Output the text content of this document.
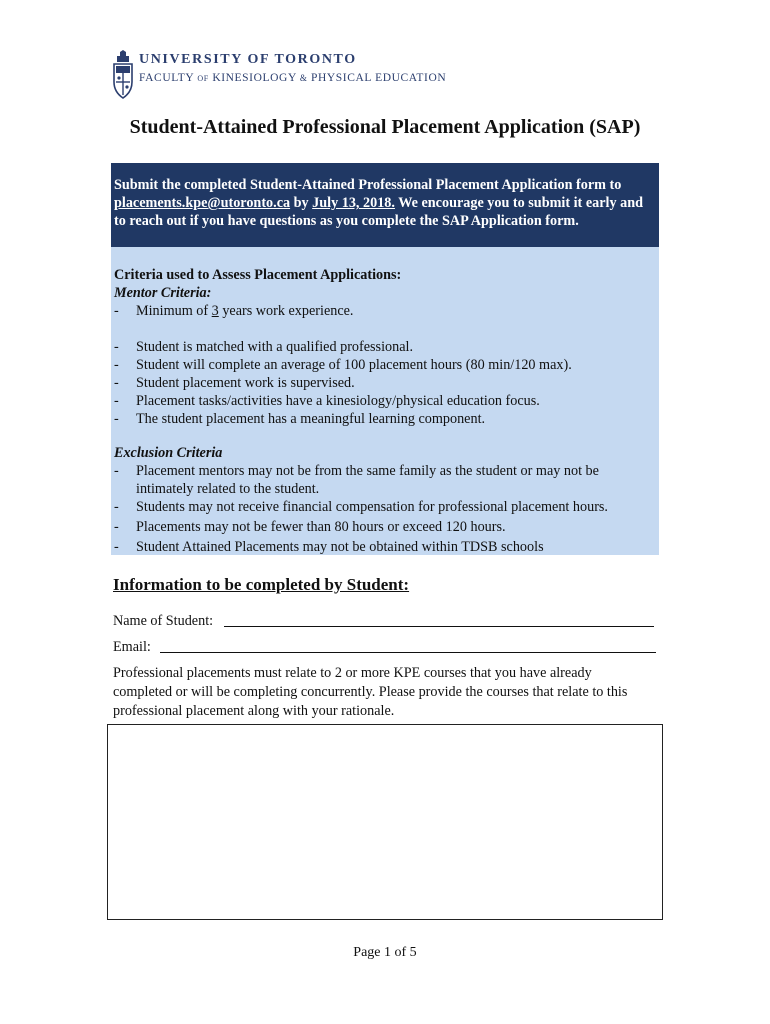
UNIVERSITY OF TORONTO
FACULTY OF KINESIOLOGY & PHYSICAL EDUCATION
Student-Attained Professional Placement Application (SAP)
Submit the completed Student-Attained Professional Placement Application form to placements.kpe@utoronto.ca by July 13, 2018. We encourage you to submit it early and to reach out if you have questions as you complete the SAP Application form.
Criteria used to Assess Placement Applications:
Mentor Criteria:
- Minimum of 3 years work experience.
- Student is matched with a qualified professional.
- Student will complete an average of 100 placement hours (80 min/120 max).
- Student placement work is supervised.
- Placement tasks/activities have a kinesiology/physical education focus.
- The student placement has a meaningful learning component.
Exclusion Criteria
- Placement mentors may not be from the same family as the student or may not be intimately related to the student.
- Students may not receive financial compensation for professional placement hours.
- Placements may not be fewer than 80 hours or exceed 120 hours.
- Student Attained Placements may not be obtained within TDSB schools
Information to be completed by Student:
Name of Student:
Email:
Professional placements must relate to 2 or more KPE courses that you have already completed or will be completing concurrently. Please provide the courses that relate to this professional placement along with your rationale.
Page 1 of 5
